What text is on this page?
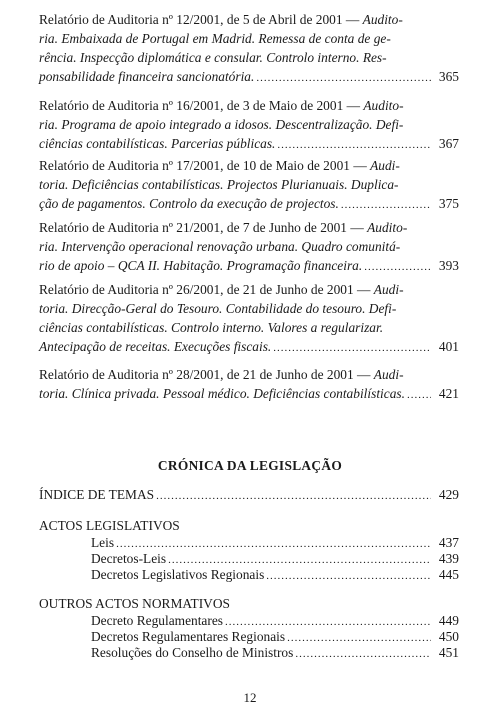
Relatório de Auditoria nº 12/2001, de 5 de Abril de 2001 — Audito-
ria. Embaixada de Portugal em Madrid. Remessa de conta de ge-
rência. Inspecção diplomática e consular. Controlo interno. Res-
ponsabilidade financeira sancionatória. .....	365
Relatório de Auditoria nº 16/2001, de 3 de Maio de 2001 — Audito-
ria. Programa de apoio integrado a idosos. Descentralização. Defi-
ciências contabilísticas. Parcerias públicas. .....	367
Relatório de Auditoria nº 17/2001, de 10 de Maio de 2001 — Audi-
toria. Deficiências contabilísticas. Projectos Plurianuais. Duplica-
ção de pagamentos. Controlo da execução de projectos. .....	375
Relatório de Auditoria nº 21/2001, de 7 de Junho de 2001 — Audito-
ria. Intervenção operacional renovação urbana. Quadro comunitá-
rio de apoio – QCA II. Habitação. Programação financeira. .....	393
Relatório de Auditoria nº 26/2001, de 21 de Junho de 2001 — Audi-
toria. Direcção-Geral do Tesouro. Contabilidade do tesouro. Defi-
ciências contabilísticas. Controlo interno. Valores a regularizar.
Antecipação de receitas. Execuções fiscais. .....	401
Relatório de Auditoria nº 28/2001, de 21 de Junho de 2001 — Audi-
toria. Clínica privada. Pessoal médico. Deficiências contabilísticas. .....	421
CRÓNICA DA LEGISLAÇÃO
ÍNDICE DE TEMAS .....	429
ACTOS LEGISLATIVOS
Leis .....	437
Decretos-Leis .....	439
Decretos Legislativos Regionais .....	445
OUTROS ACTOS NORMATIVOS
Decreto Regulamentares .....	449
Decretos Regulamentares Regionais .....	450
Resoluções do Conselho de Ministros .....	451
12
